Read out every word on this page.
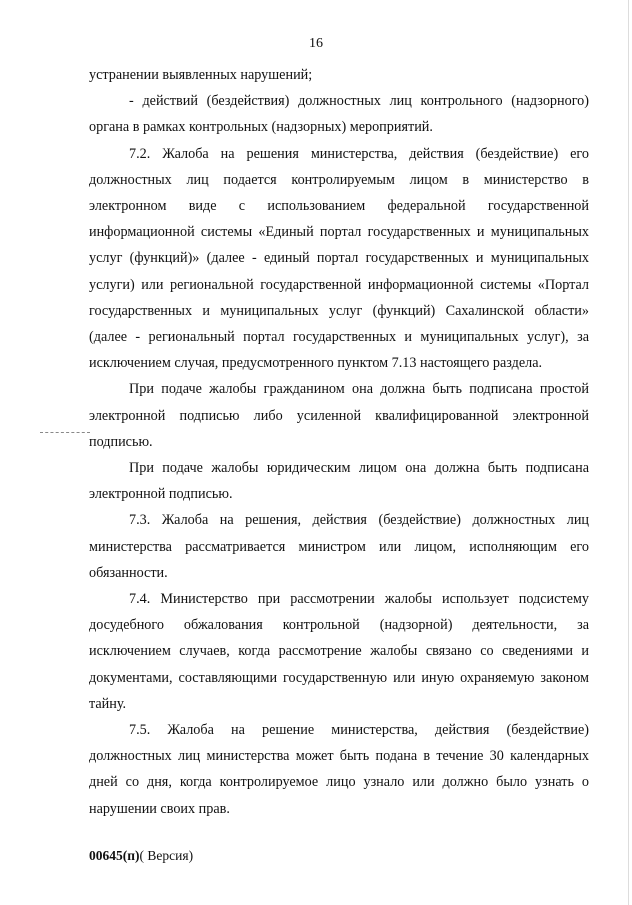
16

устранении выявленных нарушений;

- действий (бездействия) должностных лиц контрольного (надзорного) органа в рамках контрольных (надзорных) мероприятий.

7.2. Жалоба на решения министерства, действия (бездействие) его должностных лиц подается контролируемым лицом в министерство в электронном виде с использованием федеральной государственной информационной системы «Единый портал государственных и муниципальных услуг (функций)» (далее - единый портал государственных и муниципальных услуги) или региональной государственной информационной системы «Портал государственных и муниципальных услуг (функций) Сахалинской области» (далее - региональный портал государственных и муниципальных услуг), за исключением случая, предусмотренного пунктом 7.13 настоящего раздела.

При подаче жалобы гражданином она должна быть подписана простой электронной подписью либо усиленной квалифицированной электронной подписью.

При подаче жалобы юридическим лицом она должна быть подписана электронной подписью.

7.3. Жалоба на решения, действия (бездействие) должностных лиц министерства рассматривается министром или лицом, исполняющим его обязанности.

7.4. Министерство при рассмотрении жалобы использует подсистему досудебного обжалования контрольной (надзорной) деятельности, за исключением случаев, когда рассмотрение жалобы связано со сведениями и документами, составляющими государственную или иную охраняемую законом тайну.

7.5. Жалоба на решение министерства, действия (бездействие) должностных лиц министерства может быть подана в течение 30 календарных дней со дня, когда контролируемое лицо узнало или должно было узнать о нарушении своих прав.

00645(п)( Версия)
